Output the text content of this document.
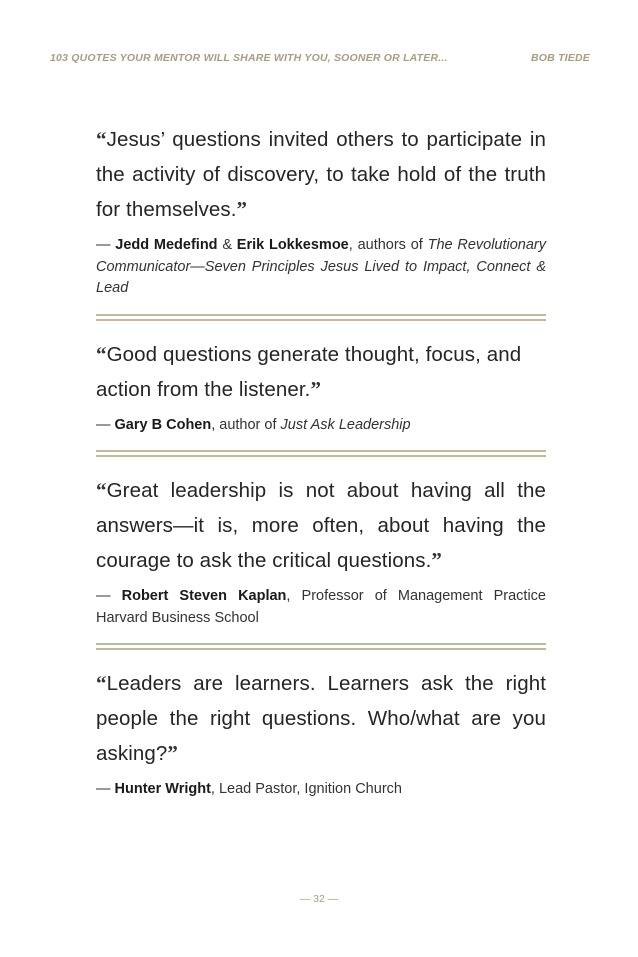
103 QUOTES YOUR MENTOR WILL SHARE WITH YOU, SOONER OR LATER...	BOB TIEDE

“Jesus’ questions invited others to participate in the activity of discovery, to take hold of the truth for themselves.”

— Jedd Medefind & Erik Lokkesmoe, authors of The Revolutionary Communicator—Seven Principles Jesus Lived to Impact, Connect & Lead

“Good questions generate thought, focus, and action from the listener.”

— Gary B Cohen, author of Just Ask Leadership

“Great leadership is not about having all the answers—it is, more often, about having the courage to ask the critical questions.”

— Robert Steven Kaplan, Professor of Management Practice Harvard Business School

“Leaders are learners. Learners ask the right people the right questions. Who/what are you asking?”

— Hunter Wright, Lead Pastor, Ignition Church

— 32 —
